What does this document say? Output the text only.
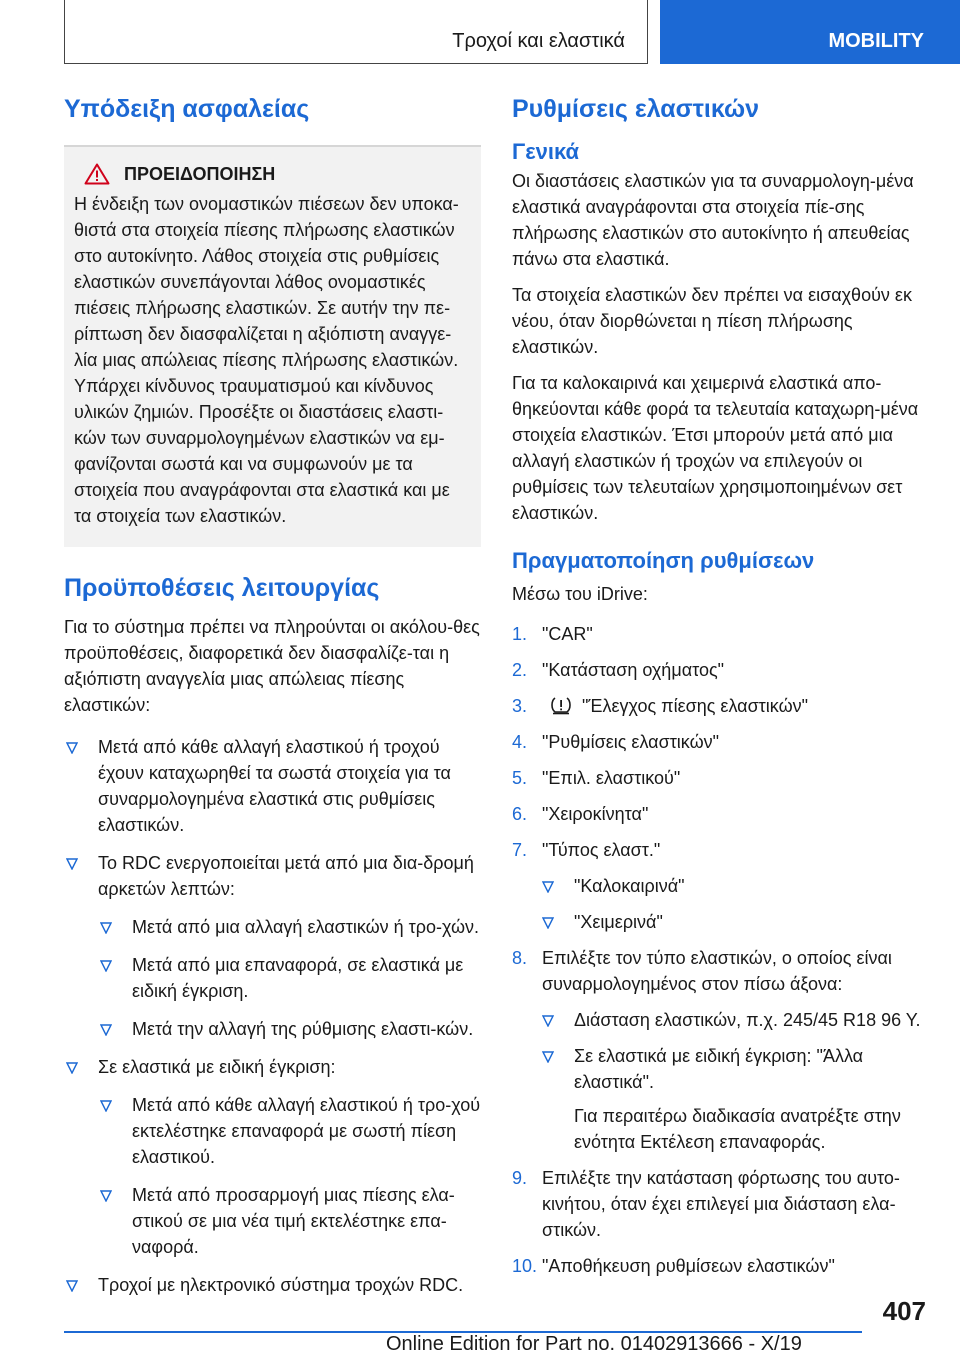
Τροχοί και ελαστικά	MOBILITY
Υπόδειξη ασφαλείας
ΠΡΟΕΙΔΟΠΟΙΗΣΗ

Η ένδειξη των ονομαστικών πιέσεων δεν υποκα-θιστά στα στοιχεία πίεσης πλήρωσης ελαστικών στο αυτοκίνητο. Λάθος στοιχεία στις ρυθμίσεις ελαστικών συνεπάγονται λάθος ονομαστικές πιέσεις πλήρωσης ελαστικών. Σε αυτήν την πε-ρίπτωση δεν διασφαλίζεται η αξιόπιστη αναγγε-λία μιας απώλειας πίεσης πλήρωσης ελαστικών. Υπάρχει κίνδυνος τραυματισμού και κίνδυνος υλικών ζημιών. Προσέξτε οι διαστάσεις ελαστι-κών των συναρμολογημένων ελαστικών να εμ-φανίζονται σωστά και να συμφωνούν με τα στοιχεία που αναγράφονται στα ελαστικά και με τα στοιχεία των ελαστικών.

Προϋποθέσεις λειτουργίας

Για το σύστημα πρέπει να πληρούνται οι ακόλου-θες προϋποθέσεις, διαφορετικά δεν διασφαλίζε-ται η αξιόπιστη αναγγελία μιας απώλειας πίεσης ελαστικών:

Μετά από κάθε αλλαγή ελαστικού ή τροχού έχουν καταχωρηθεί τα σωστά στοιχεία για τα συναρμολογημένα ελαστικά στις ρυθμίσεις ελαστικών.
Το RDC ενεργοποιείται μετά από μια δια-δρομή αρκετών λεπτών:
Μετά από μια αλλαγή ελαστικών ή τρο-χών.
Μετά από μια επαναφορά, σε ελαστικά με ειδική έγκριση.
Μετά την αλλαγή της ρύθμισης ελαστι-κών.
Σε ελαστικά με ειδική έγκριση:
Μετά από κάθε αλλαγή ελαστικού ή τρο-χού εκτελέστηκε επαναφορά με σωστή πίεση ελαστικού.
Μετά από προσαρμογή μιας πίεσης ελα-στικού σε μια νέα τιμή εκτελέστηκε επα-ναφορά.
Τροχοί με ηλεκτρονικό σύστημα τροχών RDC.
Ρυθμίσεις ελαστικών
Γενικά

Οι διαστάσεις ελαστικών για τα συναρμολογη-μένα ελαστικά αναγράφονται στα στοιχεία πίε-σης πλήρωσης ελαστικών στο αυτοκίνητο ή απευθείας πάνω στα ελαστικά.

Τα στοιχεία ελαστικών δεν πρέπει να εισαχθούν εκ νέου, όταν διορθώνεται η πίεση πλήρωσης ελαστικών.

Για τα καλοκαιρινά και χειμερινά ελαστικά απο-θηκεύονται κάθε φορά τα τελευταία καταχωρη-μένα στοιχεία ελαστικών. Έτσι μπορούν μετά από μια αλλαγή ελαστικών ή τροχών να επιλεγούν οι ρυθμίσεις των τελευταίων χρησιμοποιημένων σετ ελαστικών.

Πραγματοποίηση ρυθμίσεων

Μέσω του iDrive:

1. "CAR"
2. "Κατάσταση οχήματος"
3.	"Έλεγχος πίεσης ελαστικών"
4. "Ρυθμίσεις ελαστικών"
5. "Επιλ. ελαστικού"
6. "Χειροκίνητα"
7. "Τύπος ελαστ."
"Καλοκαιρινά"
"Χειμερινά"
8. Επιλέξτε τον τύπο ελαστικών, ο οποίος είναι συναρμολογημένος στον πίσω άξονα:
Διάσταση ελαστικών, π.χ. 245/45 R18 96 Y.
Σε ελαστικά με ειδική έγκριση: "Άλλα ελαστικά".

Για περαιτέρω διαδικασία ανατρέξτε στην ενότητα Εκτέλεση επαναφοράς.

9. Επιλέξτε την κατάσταση φόρτωσης του αυτο-κινήτου, όταν έχει επιλεγεί μια διάσταση ελα-στικών.
10. "Αποθήκευση ρυθμίσεων ελαστικών"
407
Online Edition for Part no. 01402913666 - X/19
